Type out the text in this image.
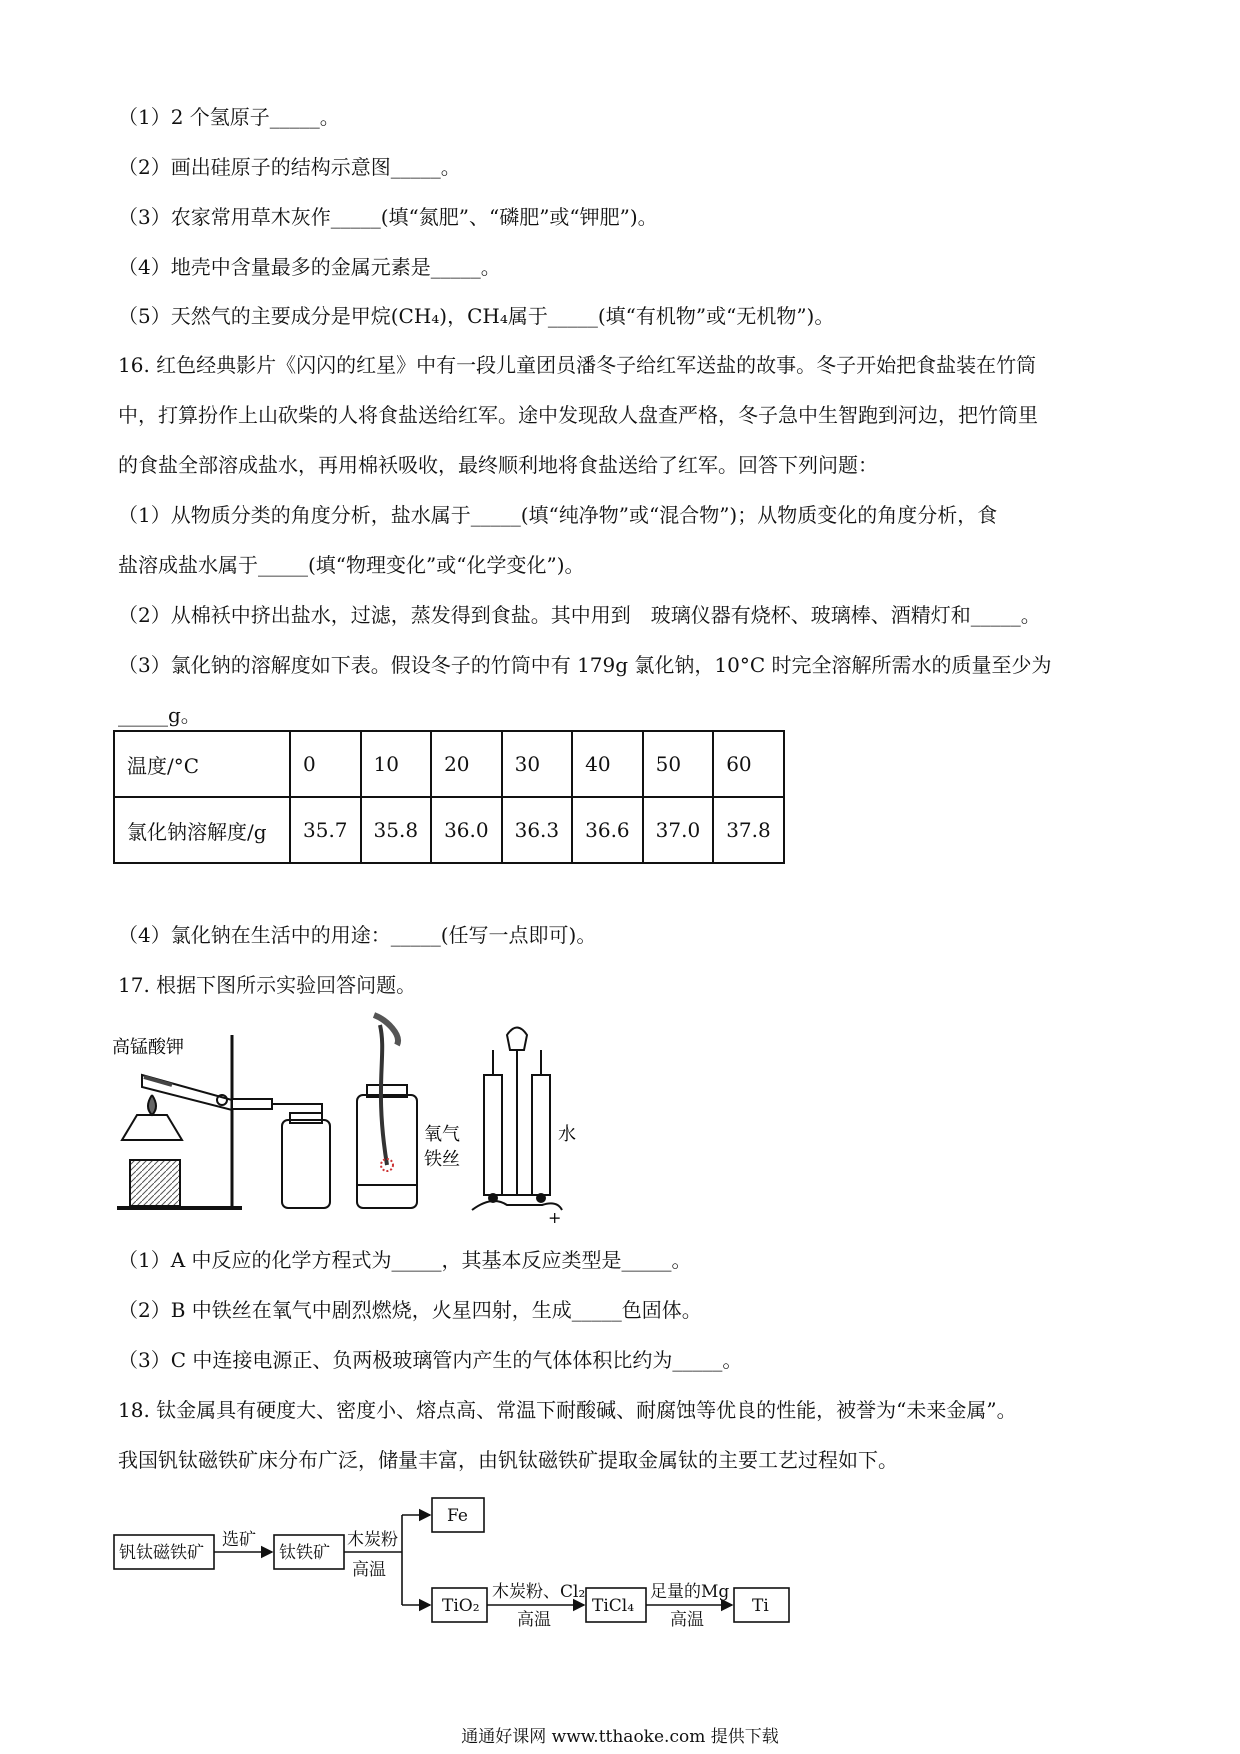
（1）2 个氢原子_____。
（2）画出硅原子的结构示意图_____。
（3）农家常用草木灰作_____(填“氮肥”、“磷肥”或“钾肥”)。
（4）地壳中含量最多的金属元素是_____。
（5）天然气的主要成分是甲烷(CH₄)，CH₄属于_____(填“有机物”或“无机物”)。
16. 红色经典影片《闪闪的红星》中有一段儿童团员潘冬子给红军送盐的故事。冬子开始把食盐装在竹筒
中，打算扮作上山砍柴的人将食盐送给红军。途中发现敌人盘查严格，冬子急中生智跑到河边，把竹筒里
的食盐全部溶成盐水，再用棉袄吸收，最终顺利地将食盐送给了红军。回答下列问题：
（1）从物质分类的角度分析，盐水属于_____(填“纯净物”或“混合物”)；从物质变化的角度分析，食
盐溶成盐水属于_____(填“物理变化”或“化学变化”)。
（2）从棉袄中挤出盐水，过滤，蒸发得到食盐。其中用到　玻璃仪器有烧杯、玻璃棒、酒精灯和_____。
（3）氯化钠的溶解度如下表。假设冬子的竹筒中有 179g 氯化钠，10°C 时完全溶解所需水的质量至少为
_____g。
温度/°C	0	10	20	30	40	50	60
氯化钠溶解度/g	35.7	35.8	36.0	36.3	36.6	37.0	37.8
（4）氯化钠在生活中的用途：_____(任写一点即可)。
17. 根据下图所示实验回答问题。
高锰酸钾
氧气
铁丝
水
+
（1）A 中反应的化学方程式为_____，其基本反应类型是_____。
（2）B 中铁丝在氧气中剧烈燃烧，火星四射，生成_____色固体。
（3）C 中连接电源正、负两极玻璃管内产生的气体体积比约为_____。
18. 钛金属具有硬度大、密度小、熔点高、常温下耐酸碱、耐腐蚀等优良的性能，被誉为“未来金属”。
我国钒钛磁铁矿床分布广泛，储量丰富，由钒钛磁铁矿提取金属钛的主要工艺过程如下。
钒钛磁铁矿
选矿
钛铁矿
木炭粉
高温
Fe
TiO₂
木炭粉、Cl₂
高温
TiCl₄
足量的Mg
高温
Ti
通通好课网 www.tthaoke.com 提供下载
